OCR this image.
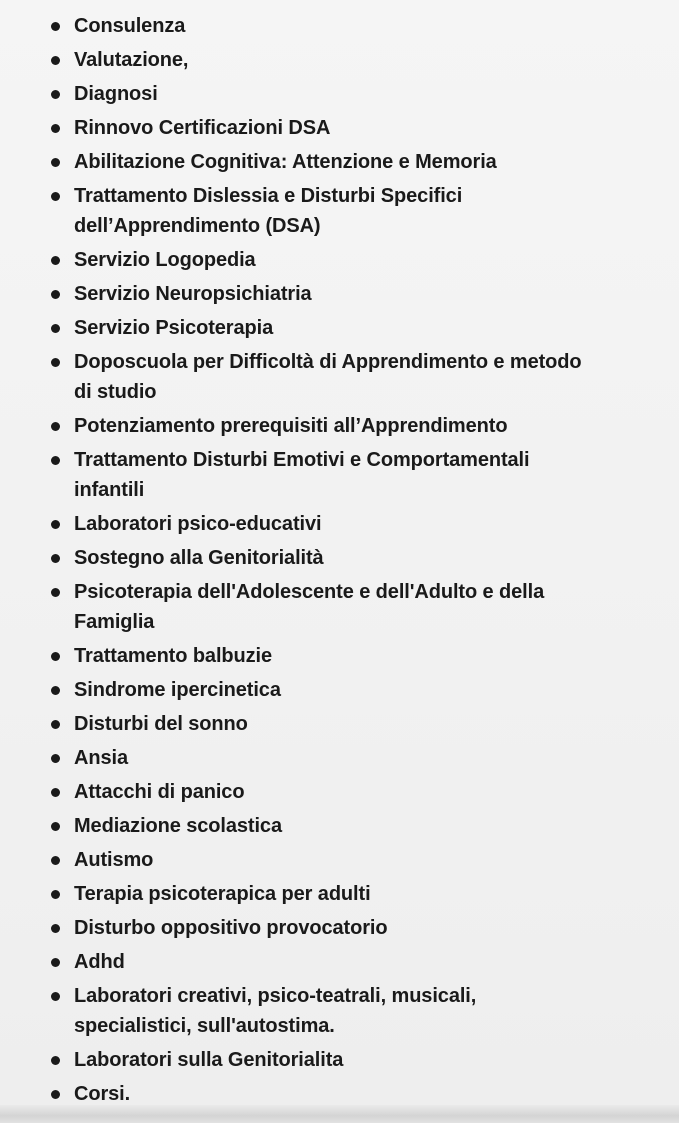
Consulenza
Valutazione,
Diagnosi
Rinnovo Certificazioni DSA
Abilitazione Cognitiva: Attenzione e Memoria
Trattamento Dislessia e Disturbi Specifici dell’Apprendimento (DSA)
Servizio Logopedia
Servizio Neuropsichiatria
Servizio Psicoterapia
Doposcuola per Difficoltà di Apprendimento e metodo di studio
Potenziamento prerequisiti all’Apprendimento
Trattamento Disturbi Emotivi e Comportamentali infantili
Laboratori psico-educativi
Sostegno alla Genitorialità
Psicoterapia dell'Adolescente e dell'Adulto e della Famiglia
Trattamento balbuzie
Sindrome ipercinetica
Disturbi del sonno
Ansia
Attacchi di panico
Mediazione scolastica
Autismo
Terapia psicoterapica per adulti
Disturbo oppositivo provocatorio
Adhd
Laboratori creativi, psico-teatrali, musicali, specialistici, sull'autostima.
Laboratori sulla Genitorialita
Corsi.
